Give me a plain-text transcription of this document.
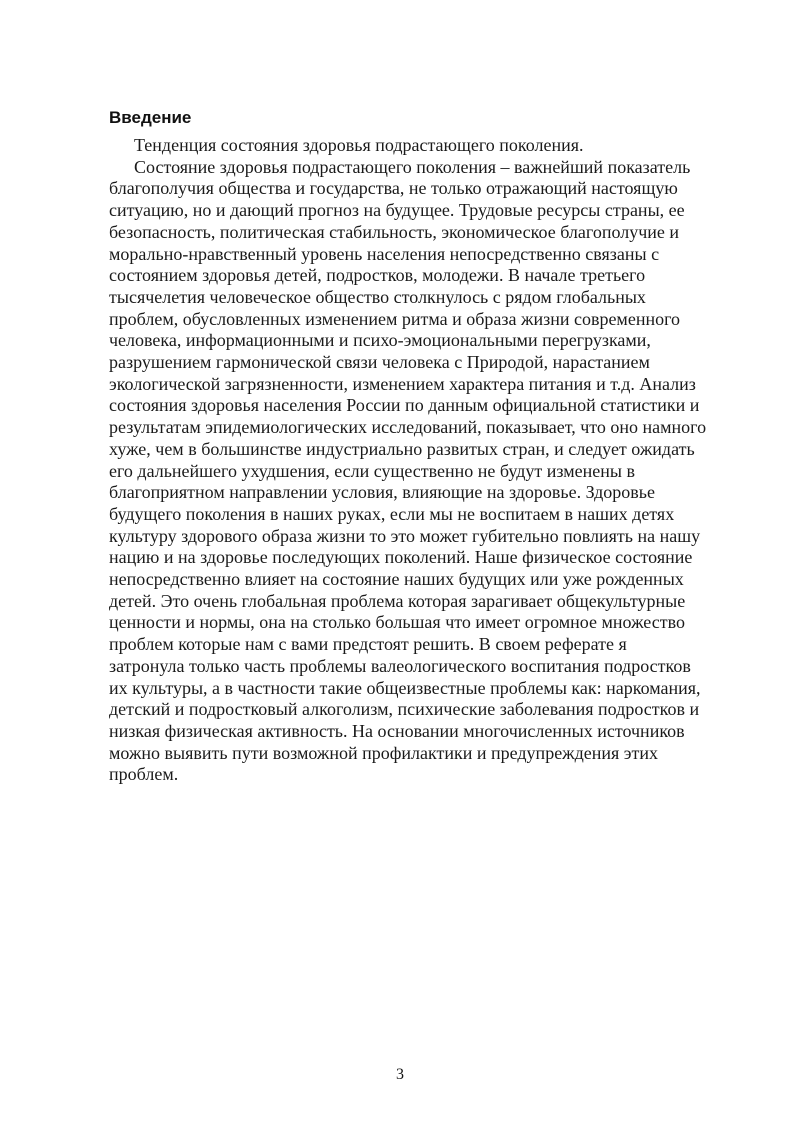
Введение
Тенденция состояния здоровья подрастающего поколения.
Состояние здоровья подрастающего поколения – важнейший показатель
благополучия общества и государства, не только отражающий настоящую
ситуацию, но и дающий прогноз на будущее. Трудовые ресурсы страны, ее
безопасность, политическая стабильность, экономическое благополучие и
морально-нравственный уровень населения непосредственно связаны с
состоянием здоровья детей, подростков, молодежи. В начале третьего
тысячелетия человеческое общество столкнулось с рядом глобальных
проблем, обусловленных изменением ритма и образа жизни современного
человека, информационными и психо-эмоциональными перегрузками,
разрушением гармонической связи человека с Природой, нарастанием
экологической загрязненности, изменением характера питания и т.д. Анализ
состояния здоровья населения России по данным официальной статистики и
результатам эпидемиологических исследований, показывает, что оно намного
хуже, чем в большинстве индустриально развитых стран, и следует ожидать
его дальнейшего ухудшения, если существенно не будут изменены в
благоприятном направлении условия, влияющие на здоровье. Здоровье
будущего поколения в наших руках, если мы не воспитаем в наших детях
культуру здорового образа жизни то это может губительно повлиять на нашу
нацию и на здоровье последующих поколений. Наше физическое состояние
непосредственно влияет на состояние наших будущих или уже рожденных
детей. Это очень глобальная проблема которая зарагивает общекультурные
ценности и нормы, она на столько большая что имеет огромное множество
проблем которые нам с вами предстоят решить. В своем реферате я
затронула только часть проблемы валеологического воспитания подростков
их культуры, а в частности такие общеизвестные проблемы как: наркомания,
детский и подростковый алкоголизм, психические заболевания подростков и
низкая физическая активность. На основании многочисленных источников
можно выявить пути возможной профилактики и предупреждения этих
проблем.
3
